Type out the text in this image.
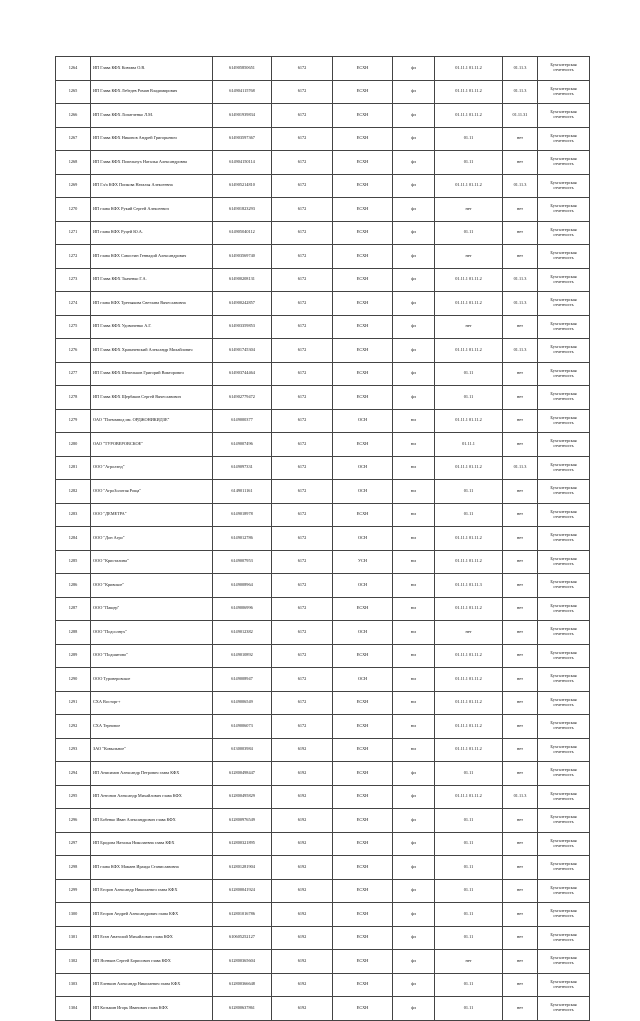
1264	ИП Глава КФХ Ковтава О.В.	614905850651	6172	ЕСХН	фл	01.11.1 01.11.2	01.11.3	Бухгалтерская отчетность
1265	ИП Глава КФХ Лебедев Роман Владимирович	614904115768	6172	ЕСХН	фл	01.11.1 01.11.2	01.11.3	Бухгалтерская отчетность
1266	ИП Глава КФХ Лопатченко Л.М.	614901939834	6172	ЕСХН	фл	01.11.1 01.11.2	01.11.31	Бухгалтерская отчетность
1267	ИП Глава КФХ Никонов Андрей Григорьевич	614903597367	6172	ЕСХН	фл	01.11	нет	Бухгалтерская отчетность
1268	ИП Глава КФХ Попельнух Наталья Александровна	614904150114	6172	ЕСХН	фл	01.11	нет	Бухгалтерская отчетность
1269	ИП Гл/а КФХ Попкова Наталья Алексеевна	614905214810	6172	ЕСХН	фл	01.11.1 01.11.2	01.11.3	Бухгалтерская отчетность
1270	ИП глава КФХ Рукий Сергей Алексеевич	614901823293	6172	ЕСХН	фл	нет	нет	Бухгалтерская отчетность
1271	ИП глава КФХ Руцей Ю.А.	614905040112	6172	ЕСХН	фл	01.11	нет	Бухгалтерская отчетность
1272	ИП глава КФХ Савостин Геннадий Александрович	614903569740	6172	ЕСХН	фл	нет	нет	Бухгалтерская отчетность
1273	ИП Глава КФХ Ткаченко Г.А.	614900208131	6172	ЕСХН	фл	01.11.1 01.11.2	01.11.3	Бухгалтерская отчетность
1274	ИП глава КФХ Третьякова Светлана Вячеславовна	614900242857	6172	ЕСХН	фл	01.11.1 01.11.2	01.11.3	Бухгалтерская отчетность
1275	ИП Глава КФХ Удовиченко А.Г.	614903359853	6172	ЕСХН	фл	нет	нет	Бухгалтерская отчетность
1276	ИП Глава КФХ Храпачевский Александр Михайлович	614901745304	6172	ЕСХН	фл	01.11.1 01.11.2	01.11.3	Бухгалтерская отчетность
1277	ИП Глава КФХ Шепельков Григорий Викторович	614903744464	6172	ЕСХН	фл	01.11	нет	Бухгалтерская отчетность
1278	ИП Глава КФХ Щербаков Сергей Вячеславович	614902779472	6172	ЕСХН	фл	01.11	нет	Бухгалтерская отчетность
1279	ОАО "Племзавод им. ОРДЖОНИКИДЗЕ"	6149000377	6172	ОСН	юл	01.11.1 01.11.2	нет	Бухгалтерская отчетность
1280	ОАО "ТУРОВЕРОВСКОЕ"	6149007496	6172	ЕСХН	юл	01.11.1	нет	Бухгалтерская отчетность
1281	ООО "Агролэнд"	6149097331	6172	ОСН	юл	01.11.1 01.11.2	01.11.3	Бухгалтерская отчетность
1282	ООО "АгроЗолотая Роща"	6149011161	6172	ОСН	юл	01.11	нет	Бухгалтерская отчетность
1283	ООО "ДЕМЕТРА"	6149018978	6172	ЕСХН	юл	01.11	нет	Бухгалтерская отчетность
1284	ООО "Дон Агро"	6149012786	6172	ОСН	юл	01.11.1 01.11.2	нет	Бухгалтерская отчетность
1285	ООО "Кристалина"	6149007953	6172	УСН	юл	01.11.1 01.11.2	нет	Бухгалтерская отчетность
1286	ООО "Кривское"	6149008964	6172	ОСН	юл	01.11.1 01.11.3	нет	Бухгалтерская отчетность
1287	ООО "Пащер"	6149006996	6172	ЕСХН	юл	01.11.1 01.11.2	нет	Бухгалтерская отчетность
1288	ООО "Подсолнух"	6149012382	6172	ОСН	юл	нет	нет	Бухгалтерская отчетность
1289	ООО "Подшитово"	6149010892	6172	ЕСХН	юл	01.11.1 01.11.2	нет	Бухгалтерская отчетность
1290	ООО Туроверовское	6149008947	6172	ОСН	юл	01.11.1 01.11.2	нет	Бухгалтерская отчетность
1291	СХА Восторг+	6149006549	6172	ЕСХН	юл	01.11.1 01.11.2	нет	Бухгалтерская отчетность
1292	СХА Терновое	6149006073	6172	ЕСХН	юл	01.11.1 01.11.2	нет	Бухгалтерская отчетность
1293	ЗАО "Ковыльное"	6130003984	6192	ЕСХН	юл	01.11.1 01.11.2	нет	Бухгалтерская отчетность
1294	ИП Анисимов Александр Петрович глава КФХ	612800498447	6192	ЕСХН	фл	01.11	нет	Бухгалтерская отчетность
1295	ИП Антонов Александр Михайлович глава КФХ	612800495829	6192	ЕСХН	фл	01.11.1 01.11.2	01.11.3	Бухгалтерская отчетность
1296	ИП Бобенко Иван Александрович глава КФХ	612800976549	6192	ЕСХН	фл	01.11	нет	Бухгалтерская отчетность
1297	ИП Бродова Наталья Николаевна глава КФХ	612800321895	6192	ЕСХН	фл	01.11	нет	Бухгалтерская отчетность
1298	ИП глава КФХ Мамаев Ираида Станиславовна	612801281904	6192	ЕСХН	фл	01.11	нет	Бухгалтерская отчетность
1299	ИП Егоров Александр Николаевич глава КФХ	612800041924	6192	ЕСХН	фл	01.11	нет	Бухгалтерская отчетность
1300	ИП Егоров Андрей Александрович глава КФХ	612801016786	6192	ЕСХН	фл	01.11	нет	Бухгалтерская отчетность
1301	ИП Еган Анатолий Михайлович глава КФХ	610605252127	6192	ЕСХН	фл	01.11	нет	Бухгалтерская отчетность
1302	ИП Ясенков Сергей Борисович глава КФХ	612800365604	6192	ЕСХН	фл	нет	нет	Бухгалтерская отчетность
1303	ИП Еленкин Александр Николаевич глава КФХ	612800366648	6192	ЕСХН	фл	01.11	нет	Бухгалтерская отчетность
1304	ИП Козьмин Игорь Иванович глава КФХ	612800637861	6192	ЕСХН	фл	01.11	нет	Бухгалтерская отчетность
